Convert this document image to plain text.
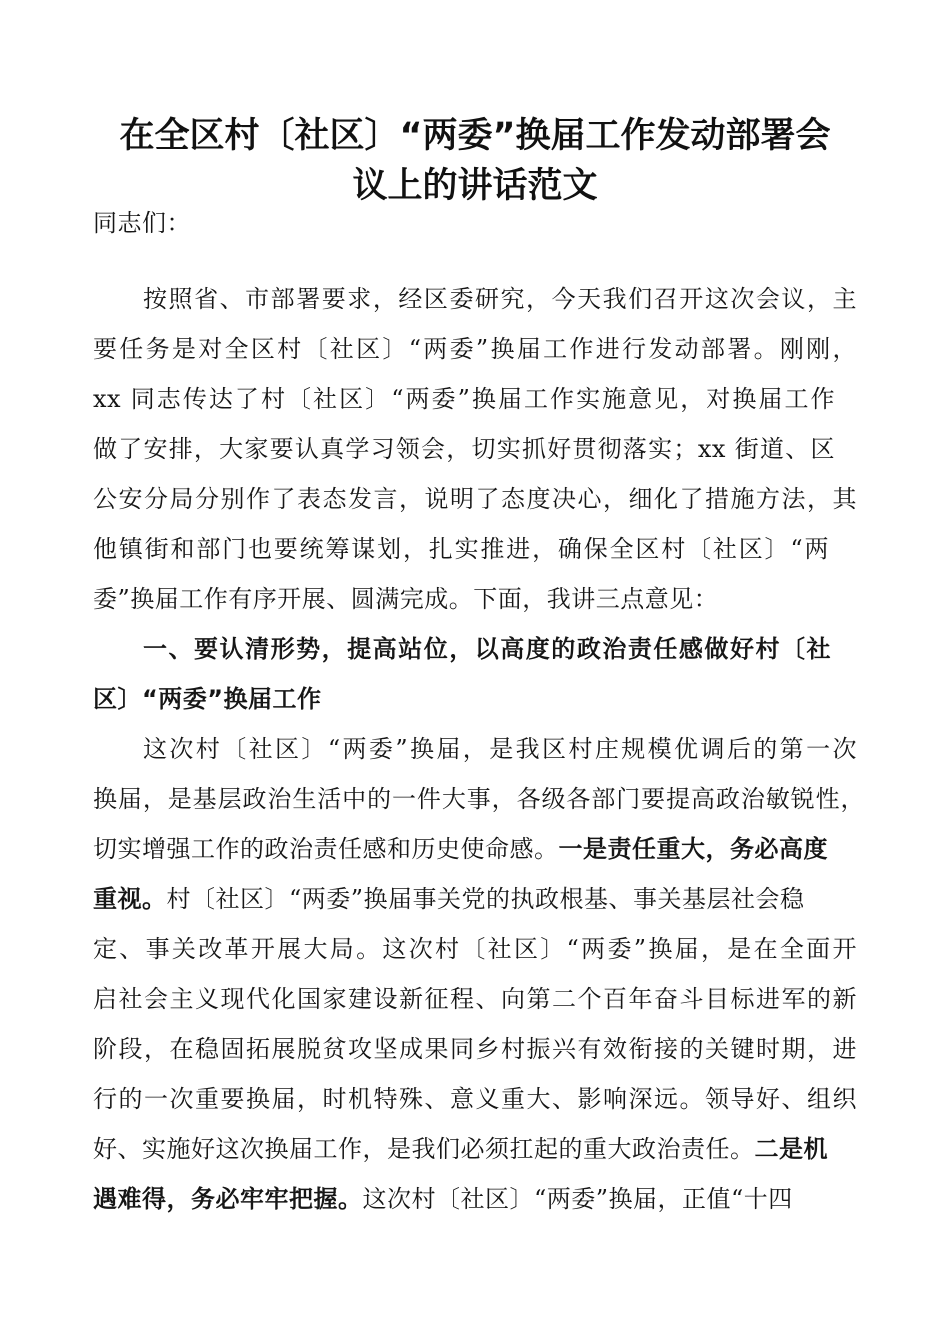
在全区村〔社区〕“两委”换届工作发动部署会
议上的讲话范文
同志们：
按照省、市部署要求，经区委研究，今天我们召开这次会议，主
要任务是对全区村〔社区〕“两委”换届工作进行发动部署。刚刚，
xx 同志传达了村〔社区〕“两委”换届工作实施意见，对换届工作
做了安排，大家要认真学习领会，切实抓好贯彻落实；xx 街道、区
公安分局分别作了表态发言，说明了态度决心，细化了措施方法，其
他镇街和部门也要统筹谋划，扎实推进，确保全区村〔社区〕“两
委”换届工作有序开展、圆满完成。下面，我讲三点意见：
一、要认清形势，提高站位，以高度的政治责任感做好村〔社
区〕“两委”换届工作
这次村〔社区〕“两委”换届，是我区村庄规模优调后的第一次
换届，是基层政治生活中的一件大事，各级各部门要提高政治敏锐性，
切实增强工作的政治责任感和历史使命感。一是责任重大，务必高度
重视。村〔社区〕“两委”换届事关党的执政根基、事关基层社会稳
定、事关改革开展大局。这次村〔社区〕“两委”换届，是在全面开
启社会主义现代化国家建设新征程、向第二个百年奋斗目标进军的新
阶段，在稳固拓展脱贫攻坚成果同乡村振兴有效衔接的关键时期，进
行的一次重要换届，时机特殊、意义重大、影响深远。领导好、组织
好、实施好这次换届工作，是我们必须扛起的重大政治责任。二是机
遇难得，务必牢牢把握。这次村〔社区〕“两委”换届，正值“十四
